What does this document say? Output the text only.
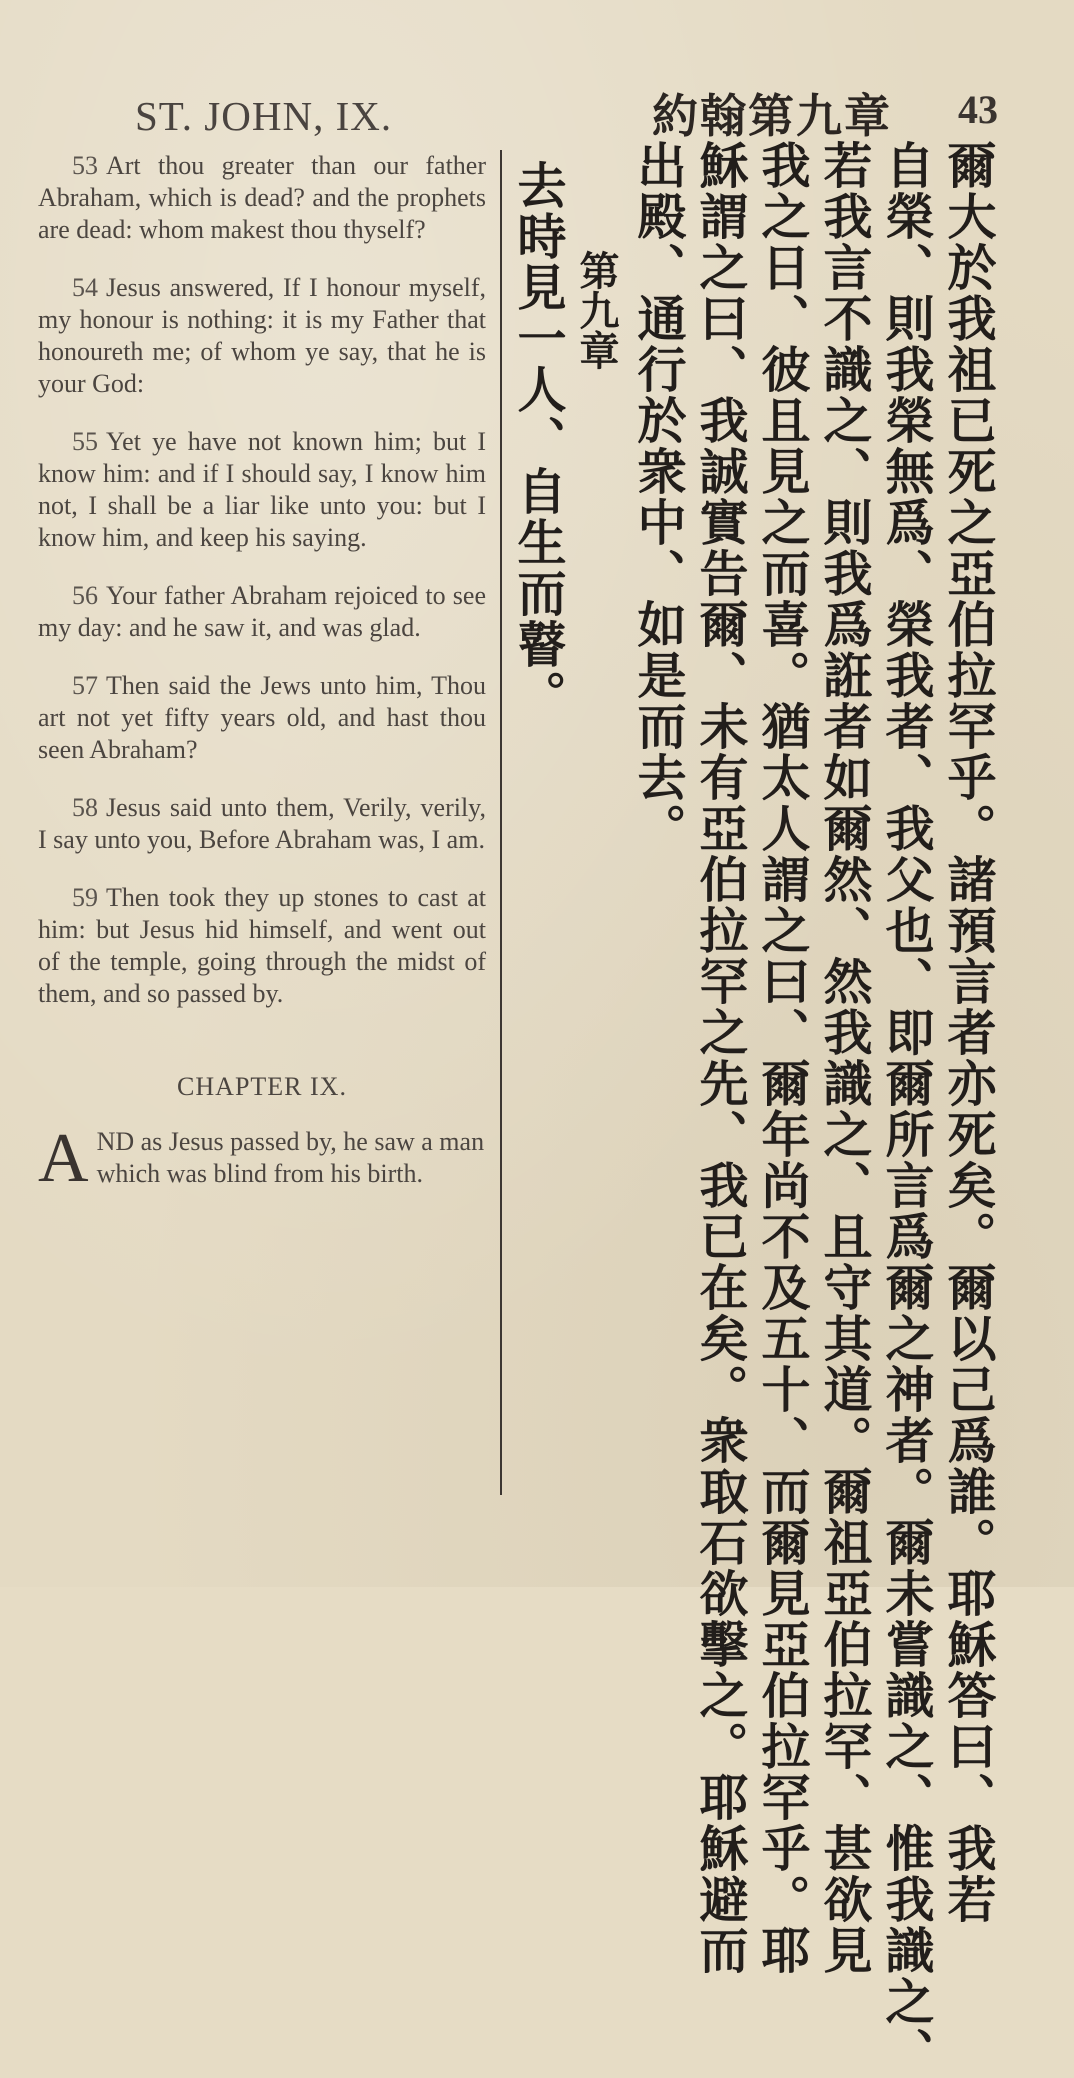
ST. JOHN, IX.	約翰第九章 43

53 Art thou greater than our father Abraham, which is dead? and the prophets are dead: whom makest thou thyself?

54 Jesus answered, If I honour myself, my honour is nothing: it is my Father that honoureth me; of whom ye say, that he is your God:

55 Yet ye have not known him; but I know him: and if I should say, I know him not, I shall be a liar like unto you: but I know him, and keep his saying.

56 Your father Abraham rejoiced to see my day: and he saw it, and was glad.

57 Then said the Jews unto him, Thou art not yet fifty years old, and hast thou seen Abraham?

58 Jesus said unto them, Verily, verily, I say unto you, Before Abraham was, I am.

59 Then took they up stones to cast at him: but Jesus hid himself, and went out of the temple, going through the midst of them, and so passed by.

CHAPTER IX.
AND as Jesus passed by, he saw a man which was blind from his birth.	爾大於我祖已死之亞伯拉罕乎。諸預言者亦死矣。爾以己爲誰。耶穌答曰、我若
自榮、則我榮無爲、榮我者、我父也、即爾所言爲爾之神者。爾未嘗識之、惟我識之、
若我言不識之、則我爲誑者如爾然、然我識之、且守其道。爾祖亞伯拉罕、甚欲見
我之日、彼且見之而喜。猶太人謂之曰、爾年尚不及五十、而爾見亞伯拉罕乎。耶
穌謂之曰、我誠實告爾、未有亞伯拉罕之先、我已在矣。衆取石欲擊之。耶穌避而
出殿、通行於衆中、如是而去。
第九章
去時見一人、自生而瞽。
